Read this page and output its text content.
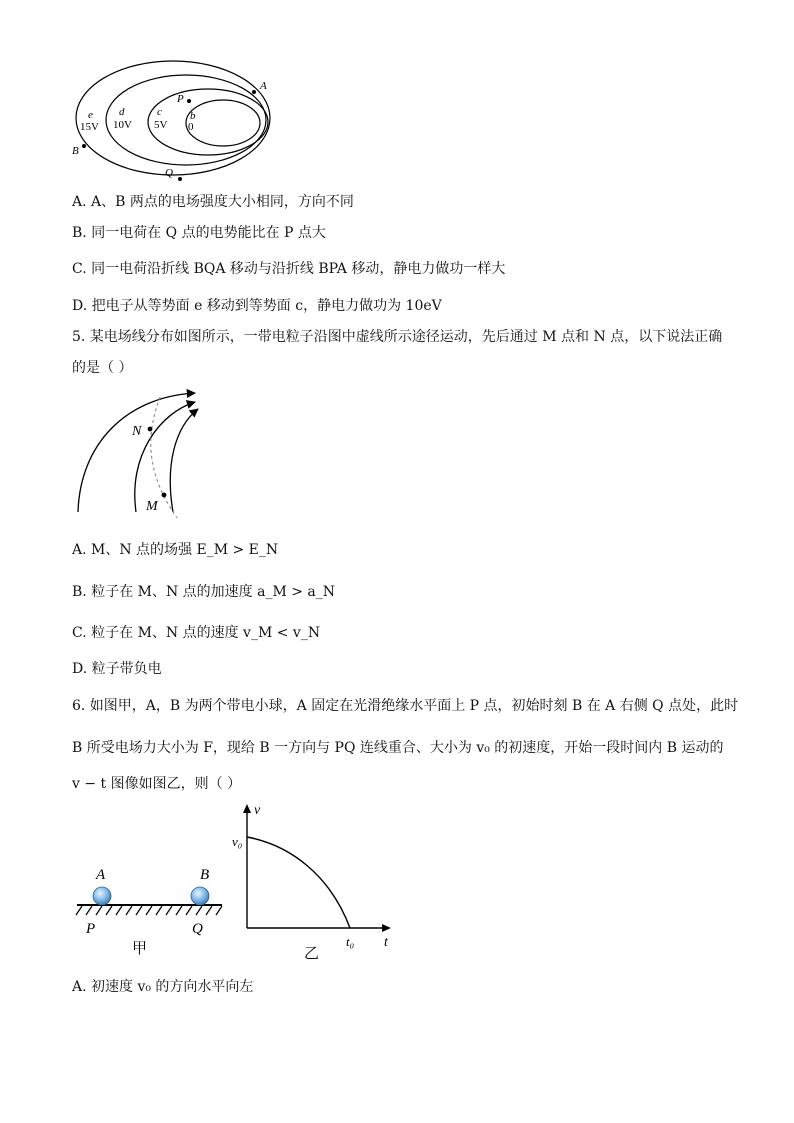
A
B
P
Q
e
15V
d
10V
c
5V
b
0
A. A、B 两点的电场强度大小相同，方向不同
B. 同一电荷在 Q 点的电势能比在 P 点大
C. 同一电荷沿折线 BQA 移动与沿折线 BPA 移动，静电力做功一样大
D. 把电子从等势面 e 移动到等势面 c，静电力做功为 10eV
5. 某电场线分布如图所示，一带电粒子沿图中虚线所示途径运动，先后通过 M 点和 N 点，以下说法正确
的是（ ）
N
M
A. M、N 点的场强 E_M > E_N
B. 粒子在 M、N 点的加速度 a_M > a_N
C. 粒子在 M、N 点的速度 v_M < v_N
D. 粒子带负电
6. 如图甲，A，B 为两个带电小球，A 固定在光滑绝缘水平面上 P 点，初始时刻 B 在 A 右侧 Q 点处，此时
B 所受电场力大小为 F，现给 B 一方向与 PQ 连线重合、大小为 v₀ 的初速度，开始一段时间内 B 运动的
v − t 图像如图乙，则（ ）
A	B
P	Q
甲
v
t
v₀
t₀
乙
A. 初速度 v₀ 的方向水平向左
